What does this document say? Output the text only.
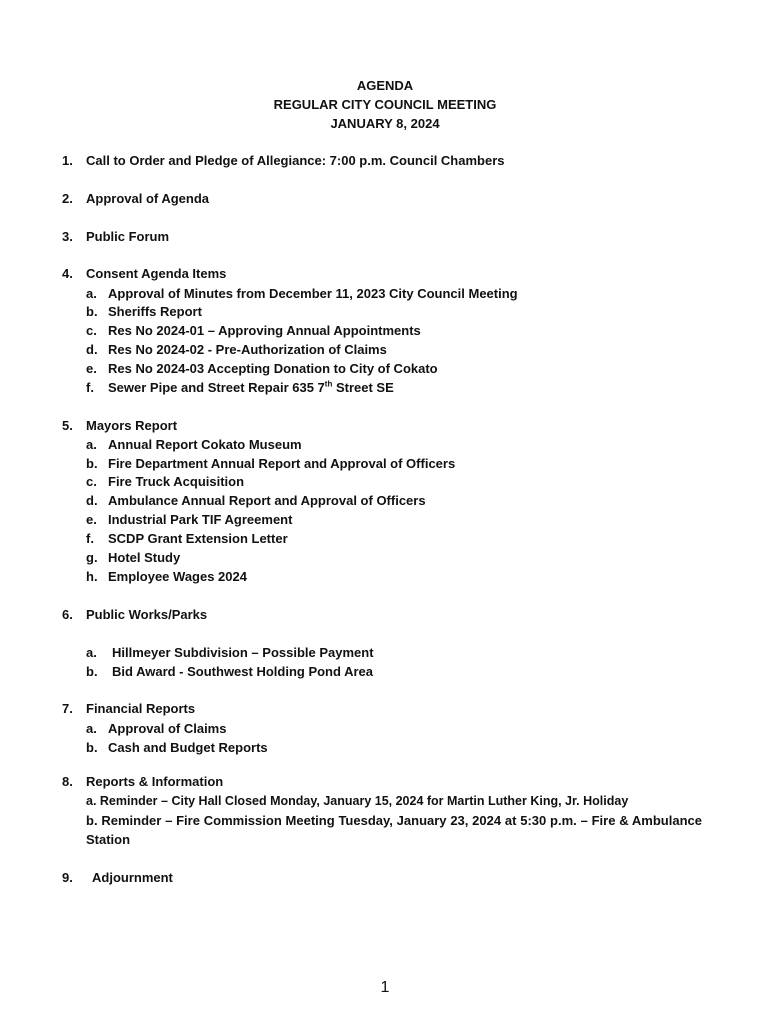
AGENDA
REGULAR CITY COUNCIL MEETING
JANUARY 8, 2024
1. Call to Order and Pledge of Allegiance: 7:00 p.m. Council Chambers
2. Approval of Agenda
3. Public Forum
4. Consent Agenda Items
a. Approval of Minutes from December 11, 2023 City Council Meeting
b. Sheriffs Report
c. Res No 2024-01 – Approving Annual Appointments
d. Res No 2024-02 - Pre-Authorization of Claims
e. Res No 2024-03 Accepting Donation to City of Cokato
f. Sewer Pipe and Street Repair 635 7th Street SE
5. Mayors Report
a. Annual Report Cokato Museum
b. Fire Department Annual Report and Approval of Officers
c. Fire Truck Acquisition
d. Ambulance Annual Report and Approval of Officers
e. Industrial Park TIF Agreement
f. SCDP Grant Extension Letter
g. Hotel Study
h. Employee Wages 2024
6. Public Works/Parks
a. Hillmeyer Subdivision – Possible Payment
b. Bid Award - Southwest Holding Pond Area
7. Financial Reports
a. Approval of Claims
b. Cash and Budget Reports
8. Reports & Information
a. Reminder – City Hall Closed Monday, January 15, 2024 for Martin Luther King, Jr. Holiday
b. Reminder – Fire Commission Meeting Tuesday, January 23, 2024 at 5:30 p.m. – Fire & Ambulance Station
9. Adjournment
1
